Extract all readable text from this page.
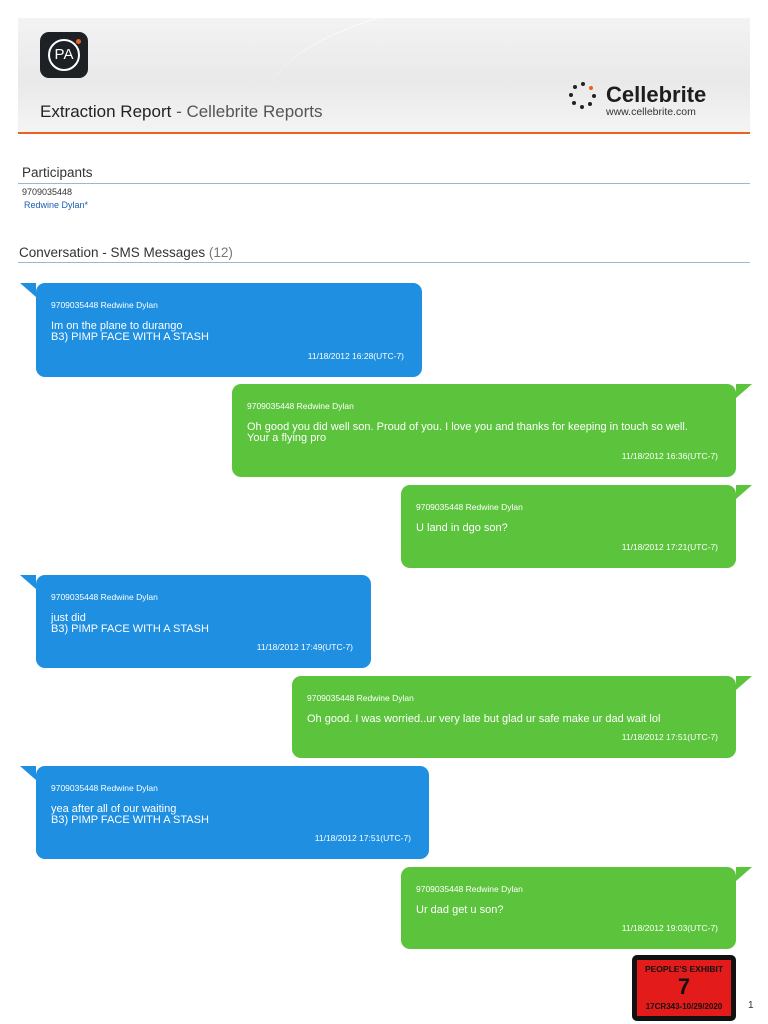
PA
Extraction Report - Cellebrite Reports
Cellebrite
www.cellebrite.com
Participants
9709035448
Redwine Dylan*
Conversation - SMS Messages (12)
9709035448 Redwine Dylan
Im on the plane to durango
B3) PIMP FACE WITH A STASH
11/18/2012 16:28(UTC-7)
9709035448 Redwine Dylan
Oh good you did well son. Proud of you. I love you and thanks for keeping in touch so well.
Your a flying pro
11/18/2012 16:36(UTC-7)
9709035448 Redwine Dylan
U land in dgo son?
11/18/2012 17:21(UTC-7)
9709035448 Redwine Dylan
just did
B3) PIMP FACE WITH A STASH
11/18/2012 17:49(UTC-7)
9709035448 Redwine Dylan
Oh good. I was worried..ur very late but glad ur safe make ur dad wait lol
11/18/2012 17:51(UTC-7)
9709035448 Redwine Dylan
yea after all of our waiting
B3) PIMP FACE WITH A STASH
11/18/2012 17:51(UTC-7)
9709035448 Redwine Dylan
Ur dad get u son?
11/18/2012 19:03(UTC-7)
PEOPLE'S EXHIBIT
7
17CR343-10/29/2020	1
